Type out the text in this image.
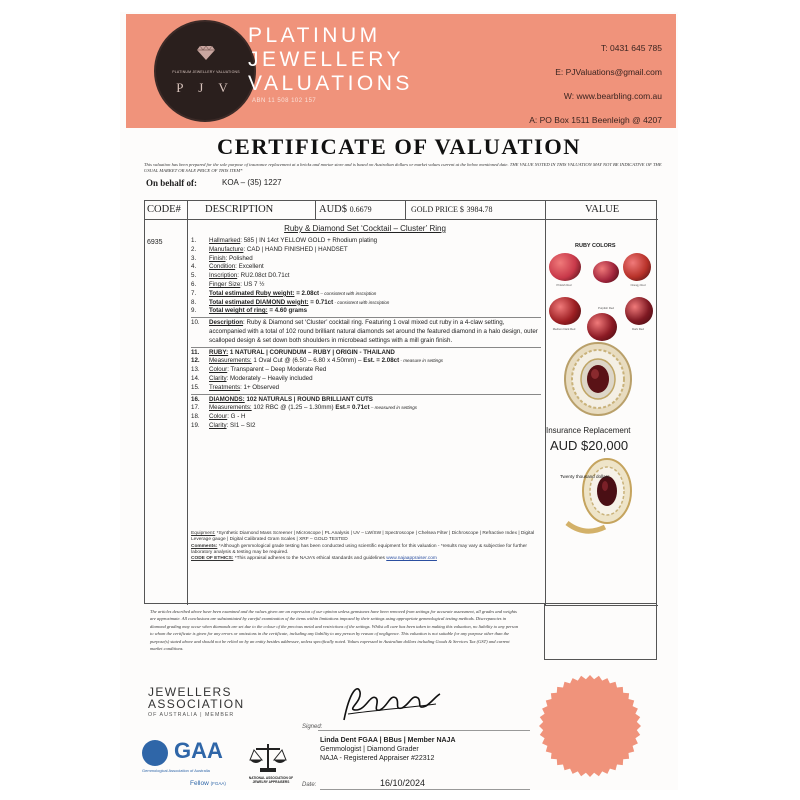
PLATINUM JEWELLERY VALUATIONS
P J V
PLATINUM
JEWELLERY
VALUATIONS
ABN 11 508 102 157
T: 0431 645 785
E: PJValuations@gmail.com
W: www.bearbling.com.au
A: PO Box 1511 Beenleigh @ 4207
CERTIFICATE OF VALUATION
This valuation has been prepared for the sole purpose of insurance replacement at a bricks and mortar store and is based on Australian dollars or market values current at the below mentioned date. THE VALUE NOTED IN THIS VALUATION MAY NOT BE INDICATIVE OF THE USUAL MARKET OR SALE PRICE OF THIS ITEM*
On behalf of:	KOA – (35) 1227
CODE# DESCRIPTION	AUD$ 0.6679	GOLD PRICE $ 3984.78	VALUE
6935
Ruby & Diamond Set ‘Cocktail – Cluster’ Ring
1.	Hallmarked: 585 | IN 14ct YELLOW GOLD + Rhodium plating
2.	Manufacture: CAD | HAND FINISHED | HANDSET
3.	Finish: Polished
4.	Condition: Excellent
5.	Inscription: RU2.08ct D0.71ct
6.	Finger Size: US 7 ½
7.	Total estimated Ruby weight: = 2.08ct – consistent with inscription
8.	Total estimated DIAMOND weight: = 0.71ct - consistent with inscription
9.	Total weight of ring: = 4.60 grams
10.	Description: Ruby & Diamond set ‘Cluster’ cocktail ring. Featuring 1 oval mixed cut ruby in a 4-claw setting, accompanied with a total of 102 round brilliant natural diamonds set around the featured diamond in a halo design, outer scalloped design & set down both shoulders in microbead settings with a mill grain finish.
11.	RUBY: 1 NATURAL | CORUNDUM – RUBY | ORIGIN - THAILAND
12.	Measurements: 1 Oval Cut @ (6.50 – 6.80 x 4.50mm) – Est. = 2.08ct - measure in settings
13.	Colour: Transparent – Deep Moderate Red
14.	Clarity: Moderately – Heavily included
15.	Treatments: 1+ Observed
16.	DIAMONDS: 102 NATURALS | ROUND BRILLIANT CUTS
17.	Measurements: 102 RBC @ (1.25 – 1.30mm) Est.= 0.71ct – measured in settings
18.	Colour: G - H
19.	Clarity: SI1 – SI2
Equipment: *Synthetic Diamond Mass Screener | Microscope | PL Analysis | UV – LW/SW | Spectroscope | Chelsea Filter | Dichroscope | Refractive Index | Digital Leverage gauge | Digital Calibrated Gram Scales | XRF – GOLD TESTED
Comments: *Although gemmological grade testing has been conducted using scientific equipment for this valuation - *results may vary & subjective for further laboratory analysis & testing may be required.
CODE OF ETHICS: *This appraisal adheres to the NAJA’s ethical standards and guidelines www.najaappraiser.com
RUBY COLORS
Pinkish Red
Purplish Red
Orangy Red
Medium Dark Red	Dark Red
Insurance Replacement
AUD $20,000
Twenty thousand dollars
The articles described above have been examined and the values given are an expression of our opinion unless gemstones have been removed from settings for accurate assessment, all grades and weights are approximate. All conclusions are substantiated by careful examination of the items within limitations imposed by their settings using appropriate gemmological testing methods. Discrepancies in diamond grading may occur when diamonds are set due to the colour of the precious metal and restrictions of the settings. Whilst all care has been taken in making this valuation, no liability to any person to whom the certificate is given for any errors or omissions in the certificate, including any liability to any person by reason of negligence. This valuation is not suitable for any purpose other than the purpose(s) stated above and should not be relied on by an entity besides addressee, unless specifically noted. Values expressed in Australian dollars including Goods & Services Tax (GST) and current market conditions.
JEWELLERS
ASSOCIATION
OF AUSTRALIA | MEMBER
GAA
Gemmological Association of Australia
Fellow (FGAA)
NATIONAL ASSOCIATION OF JEWELRY APPRAISERS
Signed:
Linda Dent FGAA | BBus | Member NAJA
Gemmologist | Diamond Grader
NAJA - Registered Appraiser #22312
Date:	16/10/2024
